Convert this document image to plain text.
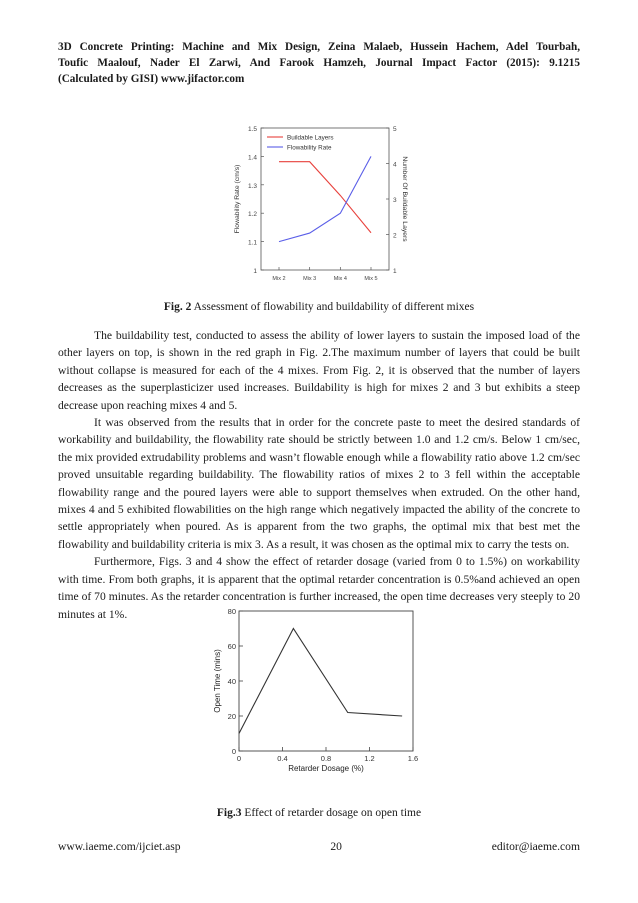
3D Concrete Printing: Machine and Mix Design, Zeina Malaeb, Hussein Hachem, Adel Tourbah,
Toufic Maalouf, Nader El Zarwi, And Farook Hamzeh, Journal Impact Factor (2015): 9.1215
(Calculated by GISI) www.jifactor.com
1
1.1
1.2
1.3
1.4
1.5
1
2
3
4
5
Mix 2	Mix 3	Mix 4	Mix 5
Flowability Rate (cm/s)	Number Of Buildable Layers
Buildable Layers
Flowability Rate
Fig. 2 Assessment of flowability and buildability of different mixes

The buildability test, conducted to assess the ability of lower layers to sustain the imposed load of the other layers on top, is shown in the red graph in Fig. 2.The maximum number of layers that could be built without collapse is measured for each of the 4 mixes. From Fig. 2, it is observed that the number of layers decreases as the superplasticizer used increases. Buildability is high for mixes 2 and 3 but exhibits a steep decrease upon reaching mixes 4 and 5.

It was observed from the results that in order for the concrete paste to meet the desired standards of workability and buildability, the flowability rate should be strictly between 1.0 and 1.2 cm/s. Below 1 cm/sec, the mix provided extrudability problems and wasn’t flowable enough while a flowability ratio above 1.2 cm/sec proved unsuitable regarding buildability. The flowability ratios of mixes 2 to 3 fell within the acceptable flowability range and the poured layers were able to support themselves when extruded. On the other hand, mixes 4 and 5 exhibited flowabilities on the high range which negatively impacted the ability of the concrete to settle appropriately when poured. As is apparent from the two graphs, the optimal mix that best met the flowability and buildability criteria is mix 3. As a result, it was chosen as the optimal mix to carry the tests on.

Furthermore, Figs. 3 and 4 show the effect of retarder dosage (varied from 0 to 1.5%) on workability with time. From both graphs, it is apparent that the optimal retarder concentration is 0.5%and achieved an open time of 70 minutes. As the retarder concentration is further increased, the open time decreases very steeply to 20 minutes at 1%.

0
20
40
60
80
0	0.4	0.8	1.2	1.6
Retarder Dosage (%)
Open Time (mins)
Fig.3 Effect of retarder dosage on open time
www.iaeme.com/ijciet.asp	20	editor@iaeme.com
